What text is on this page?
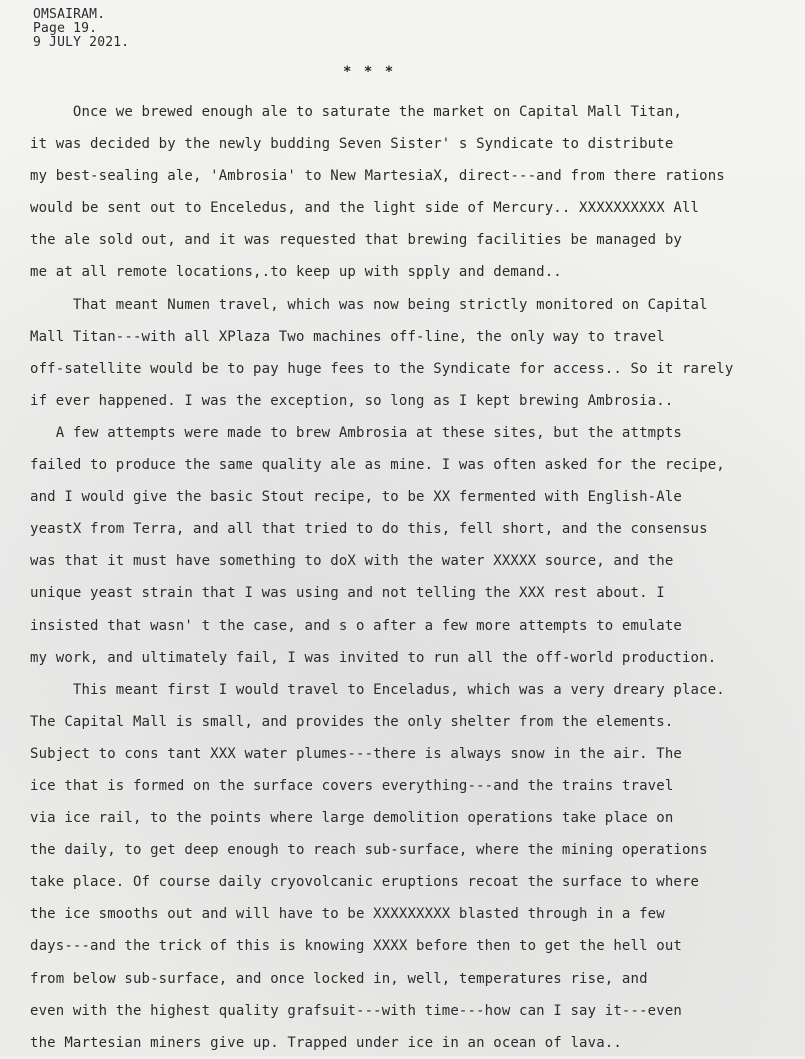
OMSAIRAM.
Page 19.
9 JULY 2021.
* * *
Once we brewed enough ale to saturate the market on Capital Mall Titan,
it was decided by the newly budding Seven Sister' s Syndicate to distribute
my best-sealing ale, 'Ambrosia' to New MartesiaX, direct---and from there rations
would be sent out to Enceledus, and the light side of Mercury.. XXXXXXXXXX All
the ale sold out, and it was requested that brewing facilities be managed by
me at all remote locations,.to keep up with spply and demand..
That meant Numen travel, which was now being strictly monitored on Capital
Mall Titan---with all XPlaza Two machines off-line, the only way to travel
off-satellite would be to pay huge fees to the Syndicate for access.. So it rarely
if ever happened. I was the exception, so long as I kept brewing Ambrosia..
A few attempts were made to brew Ambrosia at these sites, but the attmpts
failed to produce the same quality ale as mine. I was often asked for the recipe,
and I would give the basic Stout recipe, to be XX fermented with English-Ale
yeastX from Terra, and all that tried to do this, fell short, and the consensus
was that it must have something to doX with the water XXXXX source, and the
unique yeast strain that I was using and not telling the XXX rest about. I
insisted that wasn' t the case, and s o after a few more attempts to emulate
my work, and ultimately fail, I was invited to run all the off-world production.
This meant first I would travel to Enceladus, which was a very dreary place.
The Capital Mall is small, and provides the only shelter from the elements.
Subject to cons tant XXX water plumes---there is always snow in the air. The
ice that is formed on the surface covers everything---and the trains travel
via ice rail, to the points where large demolition operations take place on
the daily, to get deep enough to reach sub-surface, where the mining operations
take place. Of course daily cryovolcanic eruptions recoat the surface to where
the ice smooths out and will have to be XXXXXXXXX blasted through in a few
days---and the trick of this is knowing XXXX before then to get the hell out
from below sub-surface, and once locked in, well, temperatures rise, and
even with the highest quality grafsuit---with time---how can I say it---even
the Martesian miners give up. Trapped under ice in an ocean of lava..
